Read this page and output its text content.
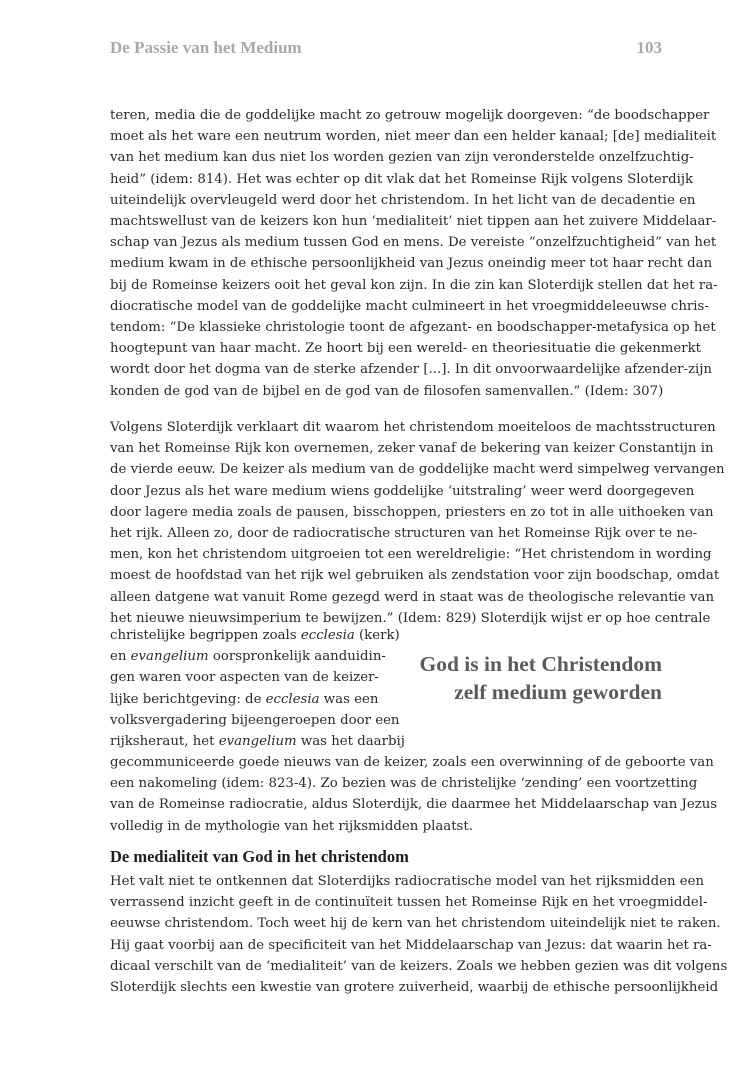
De Passie van het Medium	103
teren, media die de goddelijke macht zo getrouw mogelijk doorgeven: “de boodschapper
moet als het ware een neutrum worden, niet meer dan een helder kanaal; [de] medialiteit
van het medium kan dus niet los worden gezien van zijn veronderstelde onzelfzuchtig-
heid” (idem: 814). Het was echter op dit vlak dat het Romeinse Rijk volgens Sloterdijk
uiteindelijk overvleugeld werd door het christendom. In het licht van de decadentie en
machtswellust van de keizers kon hun ‘medialiteit’ niet tippen aan het zuivere Middelaar-
schap van Jezus als medium tussen God en mens. De vereiste “onzelfzuchtigheid” van het
medium kwam in de ethische persoonlijkheid van Jezus oneindig meer tot haar recht dan
bij de Romeinse keizers ooit het geval kon zijn. In die zin kan Sloterdijk stellen dat het ra-
diocratische model van de goddelijke macht culmineert in het vroegmiddeleeuwse chris-
tendom: “De klassieke christologie toont de afgezant- en boodschapper-metafysica op het
hoogtepunt van haar macht. Ze hoort bij een wereld- en theoriesituatie die gekenmerkt
wordt door het dogma van de sterke afzender [...]. In dit onvoorwaardelijke afzender-zijn
konden de god van de bijbel en de god van de filosofen samenvallen.” (Idem: 307)
Volgens Sloterdijk verklaart dit waarom het christendom moeiteloos de machtsstructuren
van het Romeinse Rijk kon overnemen, zeker vanaf de bekering van keizer Constantijn in
de vierde eeuw. De keizer als medium van de goddelijke macht werd simpelweg vervangen
door Jezus als het ware medium wiens goddelijke ‘uitstraling’ weer werd doorgegeven
door lagere media zoals de pausen, bisschoppen, priesters en zo tot in alle uithoeken van
het rijk. Alleen zo, door de radiocratische structuren van het Romeinse Rijk over te ne-
men, kon het christendom uitgroeien tot een wereldreligie: “Het christendom in wording
moest de hoofdstad van het rijk wel gebruiken als zendstation voor zijn boodschap, omdat
alleen datgene wat vanuit Rome gezegd werd in staat was de theologische relevantie van
het nieuwe nieuwsimperium te bewijzen.” (Idem: 829) Sloterdijk wijst er op hoe centrale
christelijke begrippen zoals ecclesia (kerk)
en evangelium oorspronkelijk aanduidin-
gen waren voor aspecten van de keizer-
lijke berichtgeving: de ecclesia was een
volksvergadering bijeengeroepen door een
rijksheraut, het evangelium was het daarbij
God is in het Christendom
zelf medium geworden
gecommuniceerde goede nieuws van de keizer, zoals een overwinning of de geboorte van
een nakomeling (idem: 823-4). Zo bezien was de christelijke ‘zending’ een voortzetting
van de Romeinse radiocratie, aldus Sloterdijk, die daarmee het Middelaarschap van Jezus
volledig in de mythologie van het rijksmidden plaatst.
De medialiteit van God in het christendom
Het valt niet te ontkennen dat Sloterdijks radiocratische model van het rijksmidden een
verrassend inzicht geeft in de continuïteit tussen het Romeinse Rijk en het vroegmiddel-
eeuwse christendom. Toch weet hij de kern van het christendom uiteindelijk niet te raken.
Hij gaat voorbij aan de specificiteit van het Middelaarschap van Jezus: dat waarin het ra-
dicaal verschilt van de ‘medialiteit’ van de keizers. Zoals we hebben gezien was dit volgens
Sloterdijk slechts een kwestie van grotere zuiverheid, waarbij de ethische persoonlijkheid
